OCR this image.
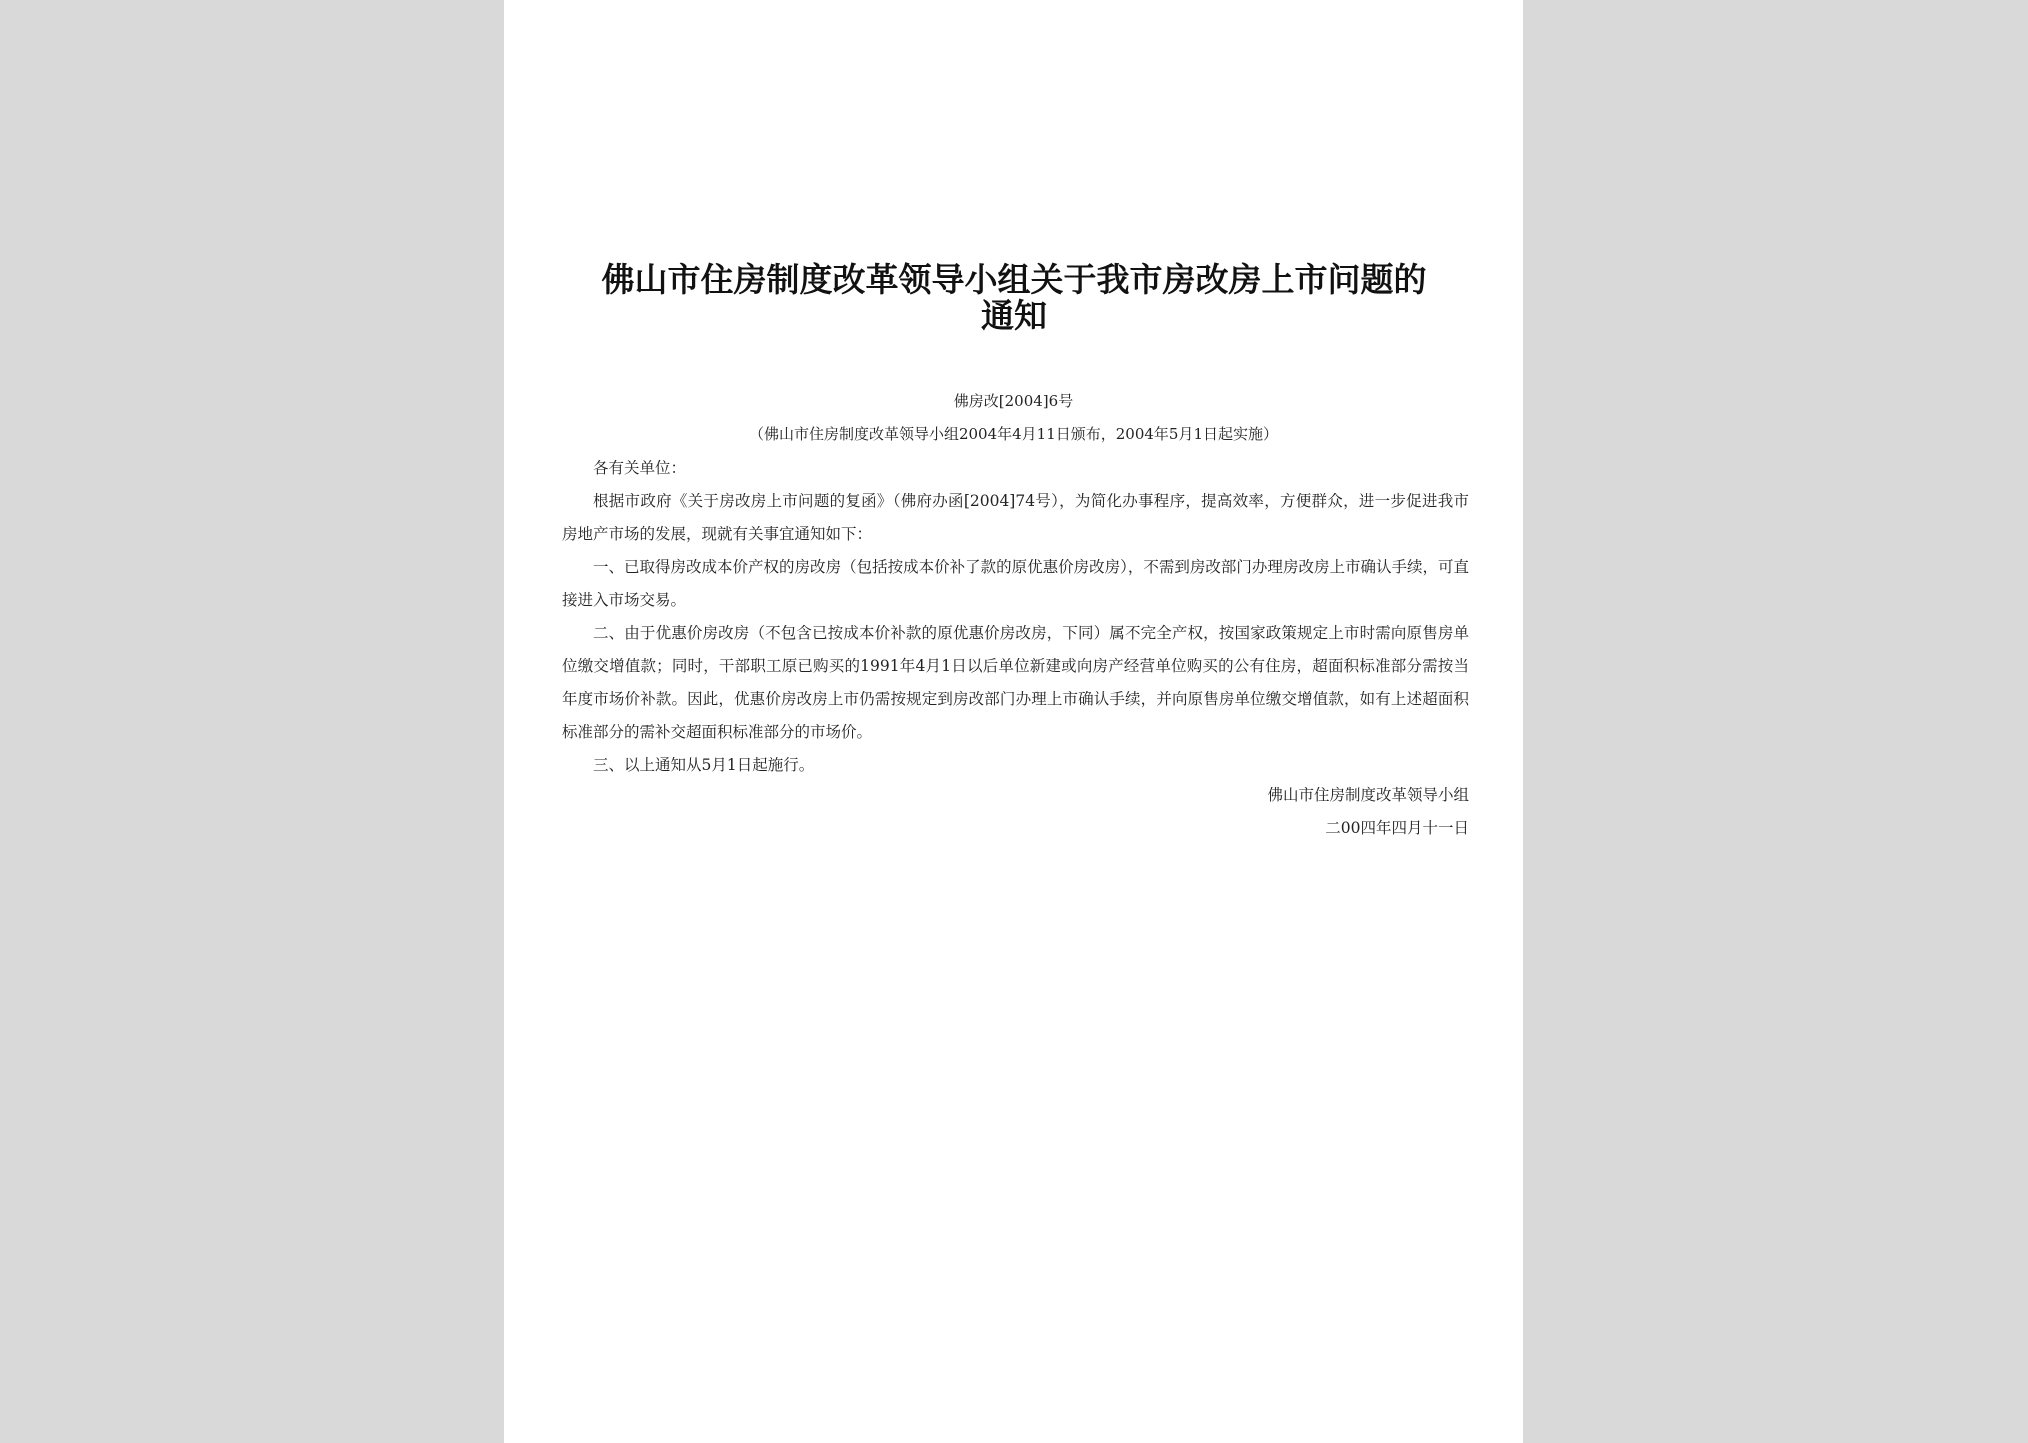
佛山市住房制度改革领导小组关于我市房改房上市问题的通知
佛房改[2004]6号
（佛山市住房制度改革领导小组2004年4月11日颁布，2004年5月1日起实施）

各有关单位：

根据市政府《关于房改房上市问题的复函》（佛府办函[2004]74号），为简化办事程序，提高效率，方便群众，进一步促进我市房地产市场的发展，现就有关事宜通知如下：

一、已取得房改成本价产权的房改房（包括按成本价补了款的原优惠价房改房），不需到房改部门办理房改房上市确认手续，可直接进入市场交易。

二、由于优惠价房改房（不包含已按成本价补款的原优惠价房改房，下同）属不完全产权，按国家政策规定上市时需向原售房单位缴交增值款；同时，干部职工原已购买的1991年4月1日以后单位新建或向房产经营单位购买的公有住房，超面积标准部分需按当年度市场价补款。因此，优惠价房改房上市仍需按规定到房改部门办理上市确认手续，并向原售房单位缴交增值款，如有上述超面积标准部分的需补交超面积标准部分的市场价。

三、以上通知从5月1日起施行。

佛山市住房制度改革领导小组
二00四年四月十一日
